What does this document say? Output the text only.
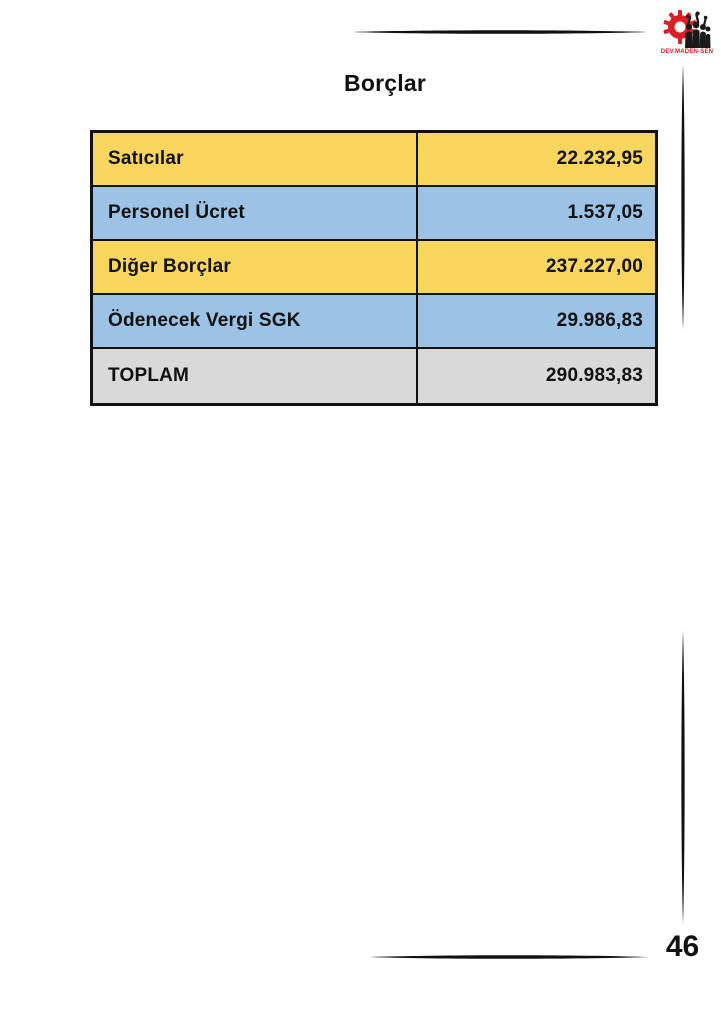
DEV.MADEN-SEN
Borçlar
Satıcılar	22.232,95
Personel Ücret	1.537,05
Diğer Borçlar	237.227,00
Ödenecek Vergi SGK	29.986,83
TOPLAM	290.983,83
46
